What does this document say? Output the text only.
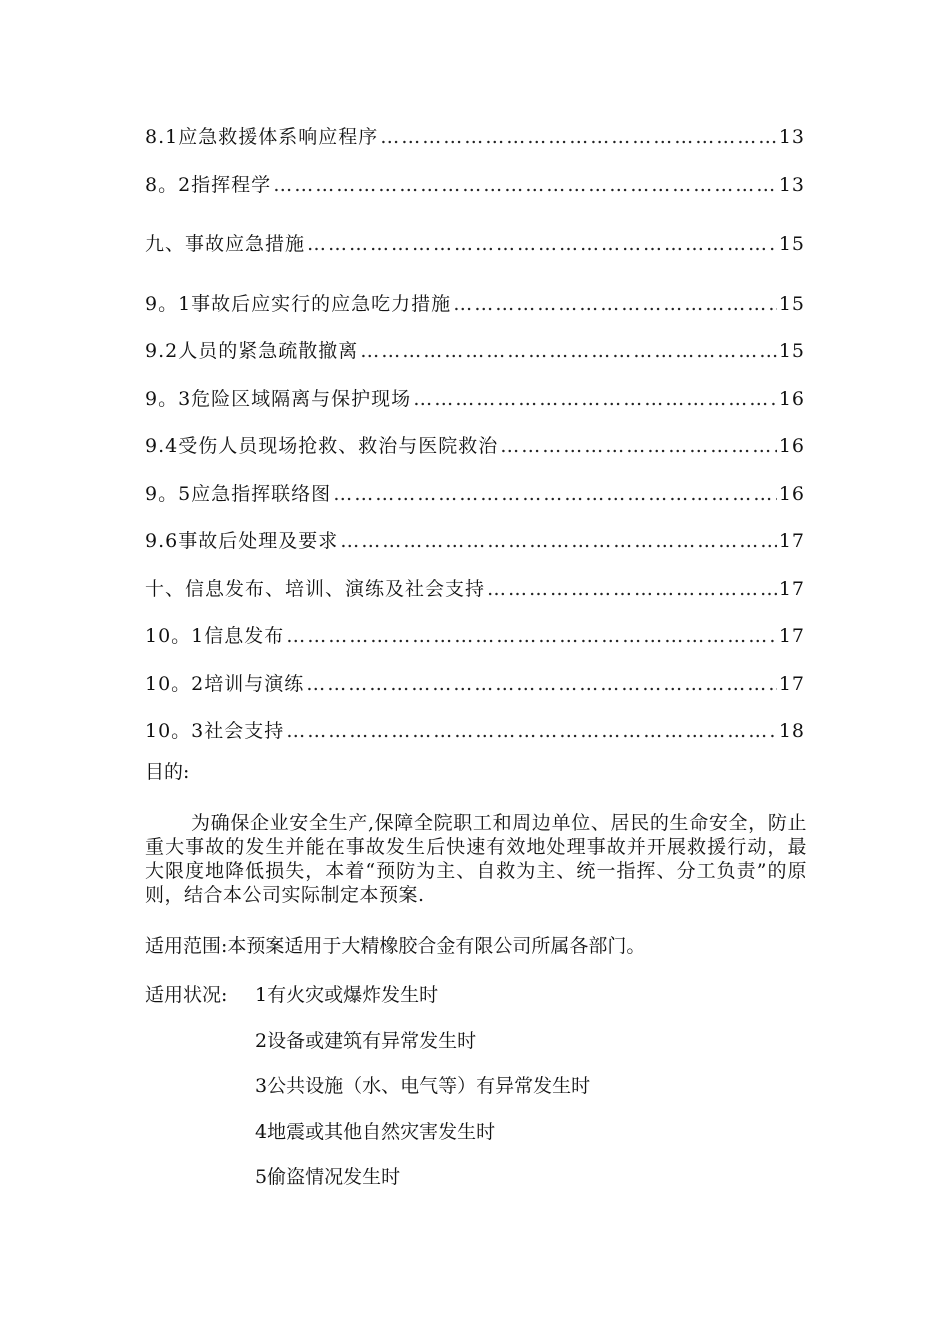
8.1应急救援体系响应程序 …………………………………………………………………………………………………………………………………………………………	13
8。2指挥程学 …………………………………………………………………………………………………………………………………………………………	13
九、事故应急措施 …………………………………………………………………………………………………………………………………………………………	15
9。1事故后应实行的应急吃力措施 …………………………………………………………………………………………………………………………………………………………	15
9.2人员的紧急疏散撤离 …………………………………………………………………………………………………………………………………………………………	15
9。3危险区域隔离与保护现场 …………………………………………………………………………………………………………………………………………………………	16
9.4受伤人员现场抢救、救治与医院救治 …………………………………………………………………………………………………………………………………………………………	16
9。5应急指挥联络图 …………………………………………………………………………………………………………………………………………………………	16
9.6事故后处理及要求 …………………………………………………………………………………………………………………………………………………………	17
十、信息发布、培训、演练及社会支持 …………………………………………………………………………………………………………………………………………………………	17
10。1信息发布 …………………………………………………………………………………………………………………………………………………………	17
10。2培训与演练 …………………………………………………………………………………………………………………………………………………………	17
10。3社会支持 …………………………………………………………………………………………………………………………………………………………	18
目的:
为确保企业安全生产,保障全院职工和周边单位、居民的生命安全，防止重大事故的发生并能在事故发生后快速有效地处理事故并开展救援行动，最大限度地降低损失，本着“预防为主、自救为主、统一指挥、分工负责”的原则，结合本公司实际制定本预案.
适用范围:本预案适用于大精橡胶合金有限公司所属各部门。
适用状况: 1有火灾或爆炸发生时
2设备或建筑有异常发生时
3公共设施（水、电气等）有异常发生时
4地震或其他自然灾害发生时
5偷盗情况发生时
